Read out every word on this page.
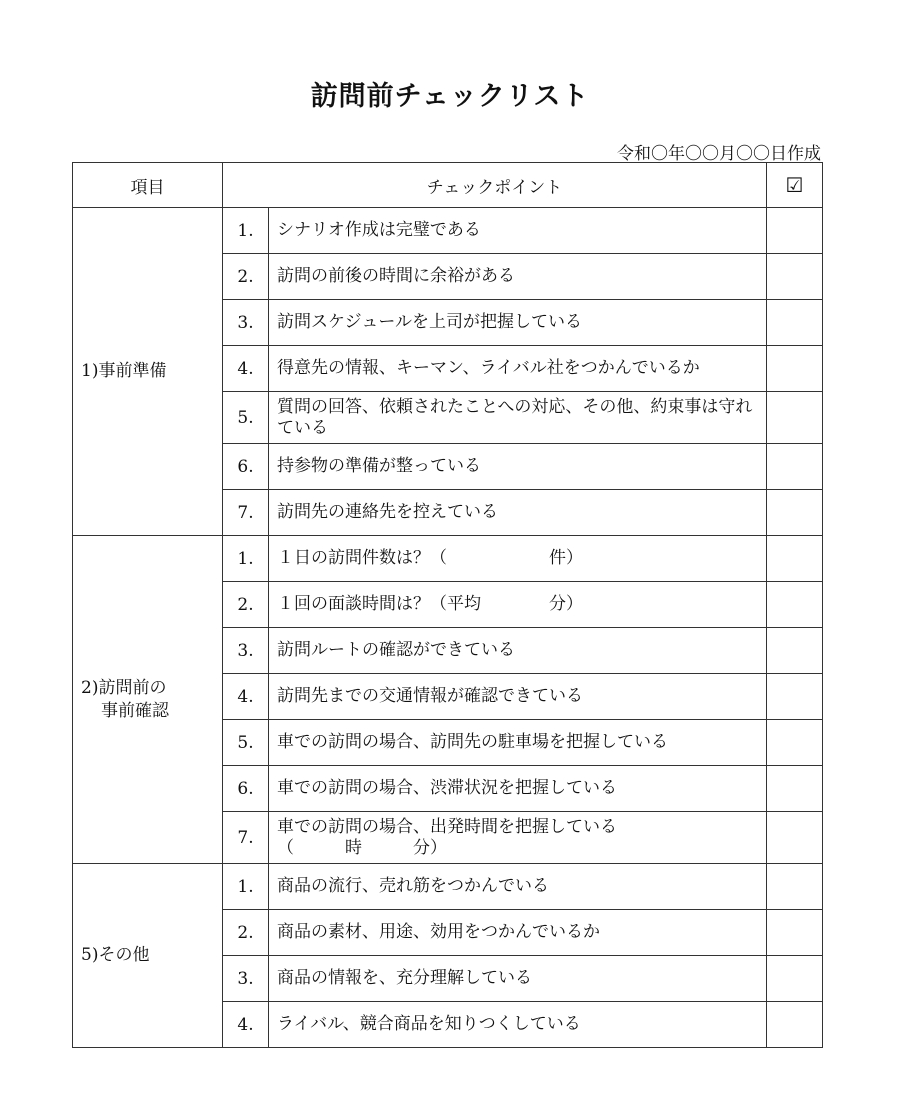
訪問前チェックリスト
令和〇年〇〇月〇〇日作成
項目	チェックポイント		☑
1)事前準備	1.	シナリオ作成は完璧である	
	2.	訪問の前後の時間に余裕がある	
	3.	訪問スケジュールを上司が把握している	
	4.	得意先の情報、キーマン、ライバル社をつかんでいるか	
	5.	質問の回答、依頼されたことへの対応、その他、約束事は守れている	
	6.	持参物の準備が整っている	
	7.	訪問先の連絡先を控えている	
2)訪問前の
事前確認	1.	１日の訪問件数は？（　　　　　　件）	
	2.	１回の面談時間は？（平均　　　　分）	
	3.	訪問ルートの確認ができている	
	4.	訪問先までの交通情報が確認できている	
	5.	車での訪問の場合、訪問先の駐車場を把握している	
	6.	車での訪問の場合、渋滞状況を把握している	
	7.	車での訪問の場合、出発時間を把握している
（　　　時　　　分）	
5)その他	1.	商品の流行、売れ筋をつかんでいる	
	2.	商品の素材、用途、効用をつかんでいるか	
	3.	商品の情報を、充分理解している	
	4.	ライバル、競合商品を知りつくしている	
